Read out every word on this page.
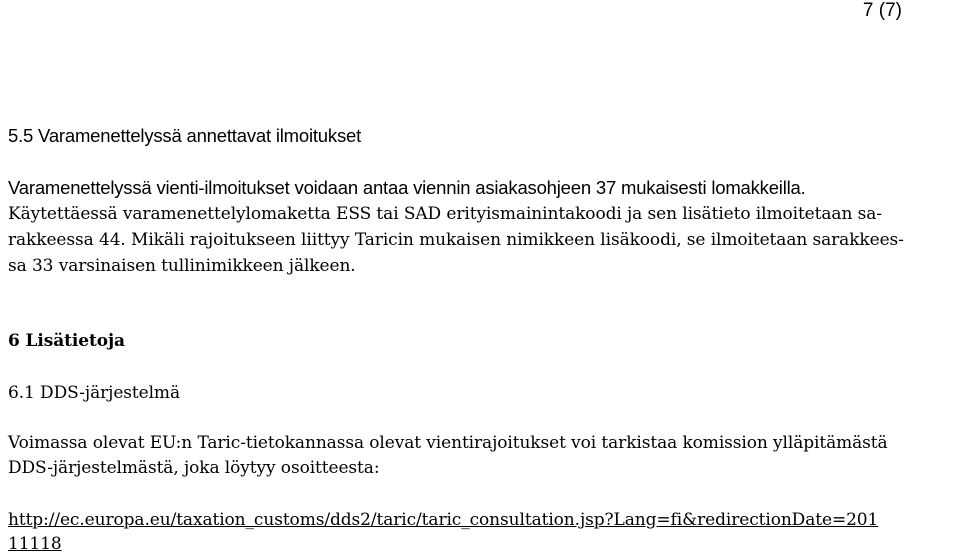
7 (7)
5.5 Varamenettelyssä annettavat ilmoitukset
Varamenettelyssä vienti-ilmoitukset voidaan antaa viennin asiakasohjeen 37 mukaisesti lomakkeilla.
Käytettäessä varamenettelylomaketta ESS tai SAD erityismainintakoodi ja sen lisätieto ilmoitetaan sa-
rakkeessa 44. Mikäli rajoitukseen liittyy Taricin mukaisen nimikkeen lisäkoodi, se ilmoitetaan sarakkees-
sa 33 varsinaisen tullinimikkeen jälkeen.
6 Lisätietoja
6.1 DDS-järjestelmä
Voimassa olevat EU:n Taric-tietokannassa olevat vientirajoitukset voi tarkistaa komission ylläpitämästä
DDS-järjestelmästä, joka löytyy osoitteesta:
http://ec.europa.eu/taxation_customs/dds2/taric/taric_consultation.jsp?Lang=fi&redirectionDate=201
11118
